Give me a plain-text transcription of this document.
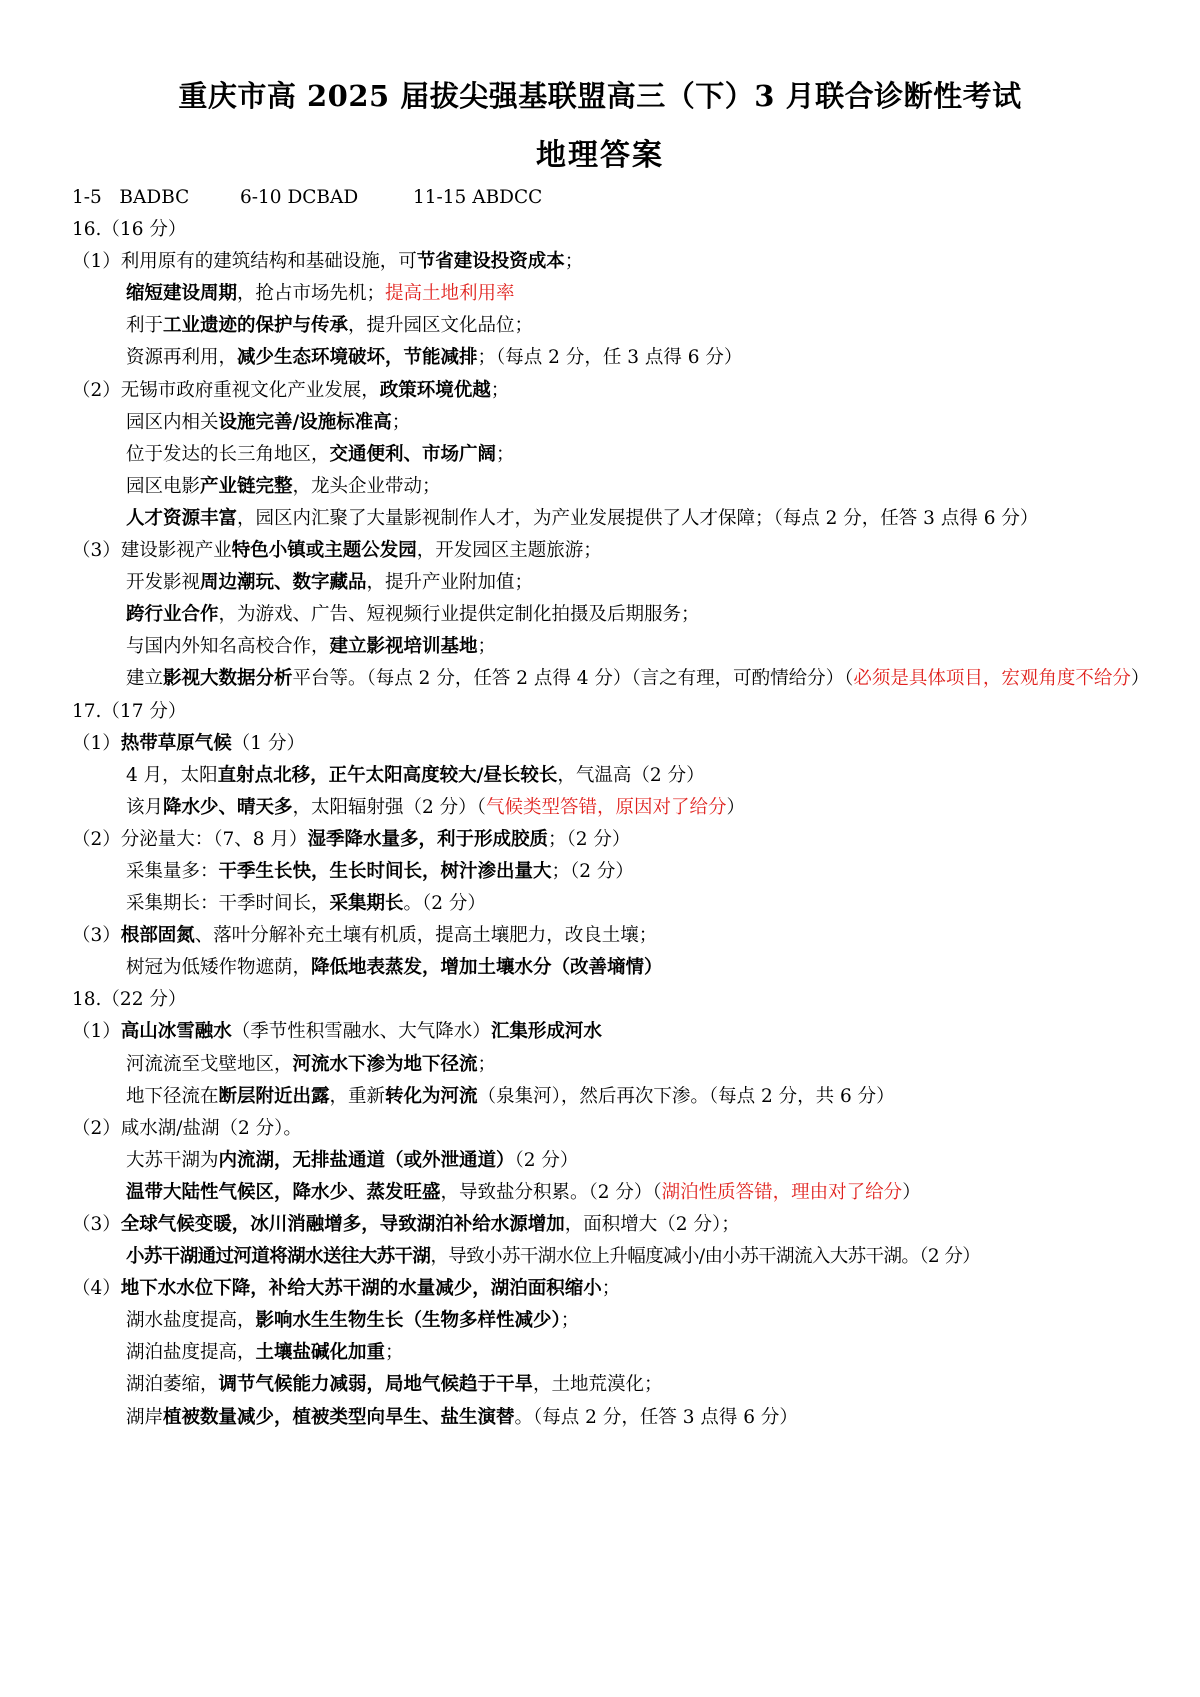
重庆市高 2025 届拔尖强基联盟高三（下）3 月联合诊断性考试
地理答案

1-5   BADBC	6-10 DCBAD	11-15 ABDCC

16.（16 分）

（1）利用原有的建筑结构和基础设施，可节省建设投资成本；

缩短建设周期，抢占市场先机；提高土地利用率

利于工业遗迹的保护与传承，提升园区文化品位；

资源再利用，减少生态环境破坏，节能减排；（每点 2 分，任 3 点得 6 分）

（2）无锡市政府重视文化产业发展，政策环境优越；

园区内相关设施完善/设施标准高；

位于发达的长三角地区，交通便利、市场广阔；

园区电影产业链完整，龙头企业带动；

人才资源丰富，园区内汇聚了大量影视制作人才，为产业发展提供了人才保障；（每点 2 分，任答 3 点得 6 分）

（3）建设影视产业特色小镇或主题公发园，开发园区主题旅游；

开发影视周边潮玩、数字藏品，提升产业附加值；

跨行业合作，为游戏、广告、短视频行业提供定制化拍摄及后期服务；

与国内外知名高校合作，建立影视培训基地；

建立影视大数据分析平台等。（每点 2 分，任答 2 点得 4 分）（言之有理，可酌情给分）（必须是具体项目，宏观角度不给分）

17.（17 分）

（1）热带草原气候（1 分）

4 月，太阳直射点北移，正午太阳高度较大/昼长较长，气温高（2 分）

该月降水少、晴天多，太阳辐射强（2 分）（气候类型答错，原因对了给分）

（2）分泌量大：（7、8 月）湿季降水量多，利于形成胶质；（2 分）

采集量多：干季生长快，生长时间长，树汁渗出量大；（2 分）

采集期长：干季时间长，采集期长。（2 分）

（3）根部固氮、落叶分解补充土壤有机质，提高土壤肥力，改良土壤；

树冠为低矮作物遮荫，降低地表蒸发，增加土壤水分（改善墒情）

18.（22 分）

（1）高山冰雪融水（季节性积雪融水、大气降水）汇集形成河水

河流流至戈壁地区，河流水下渗为地下径流；

地下径流在断层附近出露，重新转化为河流（泉集河），然后再次下渗。（每点 2 分，共 6 分）

（2）咸水湖/盐湖（2 分）。

大苏干湖为内流湖，无排盐通道（或外泄通道）（2 分）

温带大陆性气候区，降水少、蒸发旺盛，导致盐分积累。（2 分）（湖泊性质答错，理由对了给分）

（3）全球气候变暖，冰川消融增多，导致湖泊补给水源增加，面积增大（2 分）；

小苏干湖通过河道将湖水送往大苏干湖，导致小苏干湖水位上升幅度减小/由小苏干湖流入大苏干湖。（2 分）

（4）地下水水位下降，补给大苏干湖的水量减少，湖泊面积缩小；

湖水盐度提高，影响水生生物生长（生物多样性减少）；

湖泊盐度提高，土壤盐碱化加重；

湖泊萎缩，调节气候能力减弱，局地气候趋于干旱，土地荒漠化；

湖岸植被数量减少，植被类型向旱生、盐生演替。（每点 2 分，任答 3 点得 6 分）
